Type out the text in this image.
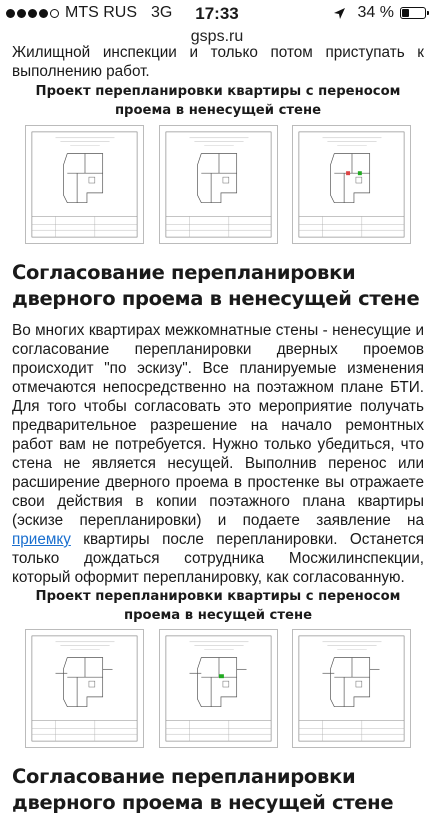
MTS RUS 3G	17:33	34 %
gsps.ru

Жилищной инспекции и только потом приступать к выполнению работ.

Проект перепланировки квартиры с переносом проема в ненесущей стене

Согласование перепланировки дверного проема в ненесущей стене

Во многих квартирах межкомнатные стены - ненесущие и согласование перепланировки дверных проемов происходит "по эскизу". Все планируемые изменения отмечаются непосредственно на поэтажном плане БТИ. Для того чтобы согласовать это мероприятие получать предварительное разрешение на начало ремонтных работ вам не потребуется. Нужно только убедиться, что стена не является несущей. Выполнив перенос или расширение дверного проема в простенке вы отражаете свои действия в копии поэтажного плана квартиры (эскизе перепланировки) и подаете заявление на приемку квартиры после перепланировки. Останется только дождаться сотрудника Мосжилинспекции, который оформит перепланировку, как согласованную.

Проект перепланировки квартиры с переносом проема в несущей стене

Согласование перепланировки дверного проема в несущей стене
